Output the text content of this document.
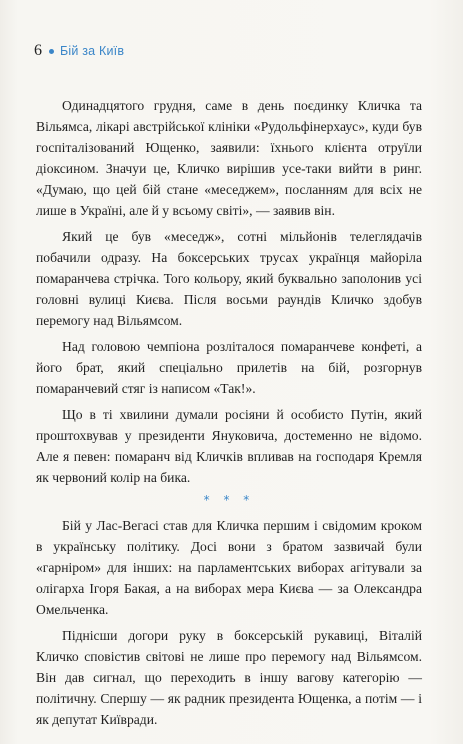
6 Бій за Київ

Одинадцятого грудня, саме в день поєдинку Кличка та Вільямса, лікарі австрійської клініки «Рудольфінерхаус», куди був госпіталізований Ющенко, заявили: їхнього клієнта отруїли діоксином. Значуи це, Кличко вирішив усе-таки вийти в ринг. «Думаю, що цей бій стане «меседжем», посланням для всіх не лише в Україні, але й у всьому світі», — заявив він.

Який це був «меседж», сотні мільйонів телеглядачів побачили одразу. На боксерських трусах українця майоріла помаранчева стрічка. Того кольору, який буквально заполонив усі головні вулиці Києва. Після восьми раундів Кличко здобув перемогу над Вільямсом.

Над головою чемпіона розліталося помаранчеве конфеті, а його брат, який спеціально прилетів на бій, розгорнув помаранчевий стяг із написом «Так!».

Що в ті хвилини думали росіяни й особисто Путін, який проштохвував у президенти Януковича, достеменно не відомо. Але я певен: помаранч від Кличків впливав на господаря Кремля як червоний колір на бика.

* * *

Бій у Лас-Вегасі став для Кличка першим і свідомим кроком в українську політику. Досі вони з братом зазвичай були «гарніром» для інших: на парламентських виборах агітували за олігарха Ігоря Бакая, а на виборах мера Києва — за Олександра Омельченка.

Піднісши догори руку в боксерській рукавиці, Віталій Кличко сповістив світові не лише про перемогу над Вільямсом. Він дав сигнал, що переходить в іншу вагову категорію — політичну. Спершу — як радник президента Ющенка, а потім — і як депутат Київради.
